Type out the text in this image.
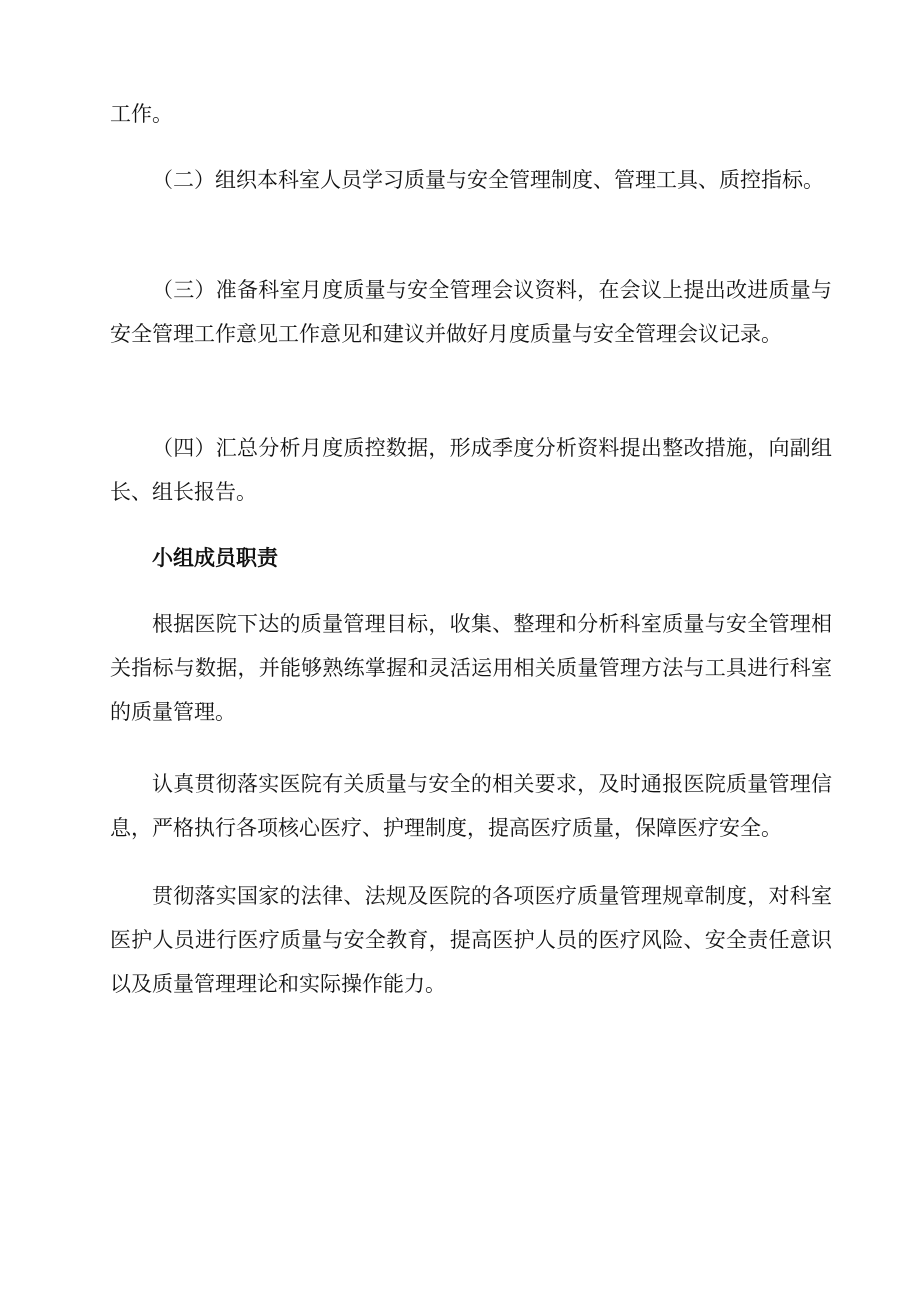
工作。

（二）组织本科室人员学习质量与安全管理制度、管理工具、质控指标。

（三）准备科室月度质量与安全管理会议资料，在会议上提出改进质量与安全管理工作意见工作意见和建议并做好月度质量与安全管理会议记录。

（四）汇总分析月度质控数据，形成季度分析资料提出整改措施，向副组长、组长报告。

小组成员职责

根据医院下达的质量管理目标，收集、整理和分析科室质量与安全管理相关指标与数据，并能够熟练掌握和灵活运用相关质量管理方法与工具进行科室的质量管理。

认真贯彻落实医院有关质量与安全的相关要求，及时通报医院质量管理信息，严格执行各项核心医疗、护理制度，提高医疗质量，保障医疗安全。

贯彻落实国家的法律、法规及医院的各项医疗质量管理规章制度，对科室医护人员进行医疗质量与安全教育，提高医护人员的医疗风险、安全责任意识以及质量管理理论和实际操作能力。
